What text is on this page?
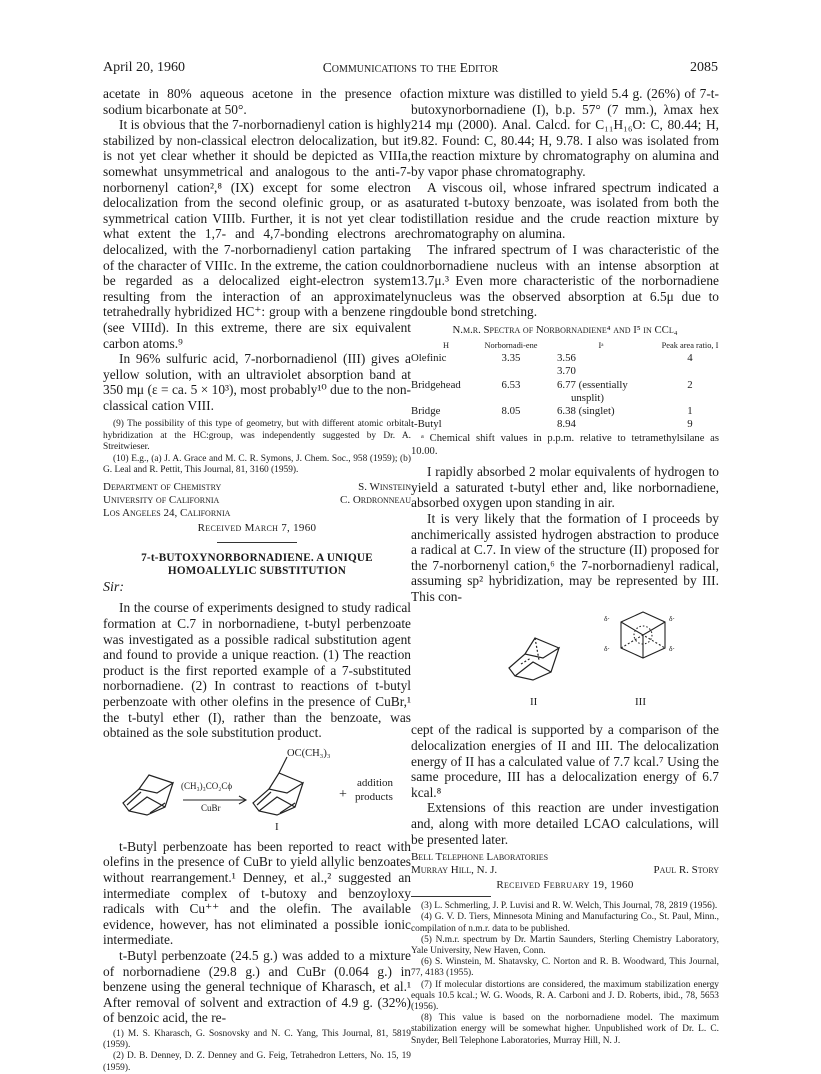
April 20, 1960	Communications to the Editor	2085

acetate in 80% aqueous acetone in the presence of sodium bicarbonate at 50°.

It is obvious that the 7-norbornadienyl cation is highly stabilized by non-classical electron delocalization, but it is not yet clear whether it should be depicted as VIIIa, somewhat unsymmetrical and analogous to the anti-7-norbornenyl cation²,⁸ (IX) except for some electron delocalization from the second olefinic group, or as a symmetrical cation VIIIb. Further, it is not yet clear to what extent the 1,7- and 4,7-bonding electrons are delocalized, with the 7-norbornadienyl cation partaking of the character of VIIIc. In the extreme, the cation could be regarded as a delocalized eight-electron system resulting from the interaction of an approximately tetrahedrally hybridized HC⁺: group with a benzene ring (see VIIId). In this extreme, there are six equivalent carbon atoms.⁹

In 96% sulfuric acid, 7-norbornadienol (III) gives a yellow solution, with an ultraviolet absorption band at 350 mμ (ε = ca. 5 × 10³), most probably¹⁰ due to the non-classical cation VIII.

(9) The possibility of this type of geometry, but with different atomic orbital hybridization at the HC:group, was independently suggested by Dr. A. Streitwieser.

(10) E.g., (a) J. A. Grace and M. C. R. Symons, J. Chem. Soc., 958 (1959); (b) G. Leal and R. Pettit, This Journal, 81, 3160 (1959).

Department of Chemistry	S. Winstein
University of California	C. Ordronneau
Los Angeles 24, California
Received March 7, 1960
7-t-BUTOXYNORBORNADIENE. A UNIQUE
HOMOALLYLIC SUBSTITUTION
Sir:

In the course of experiments designed to study radical formation at C.7 in norbornadiene, t-butyl perbenzoate was investigated as a possible radical substitution agent and found to provide a unique reaction. (1) The reaction product is the first reported example of a 7-substituted norbornadiene. (2) In contrast to reactions of t-butyl perbenzoate with other olefins in the presence of CuBr,¹ the t-butyl ether (I), rather than the benzoate, was obtained as the sole substitution product.

(CH₃)₃CO₂Cϕ
CuBr
OC(CH₃)₃
+
addition
products
I

t-Butyl perbenzoate has been reported to react with olefins in the presence of CuBr to yield allylic benzoates without rearrangement.¹ Denney, et al.,² suggested an intermediate complex of t-butoxy and benzoyloxy radicals with Cu⁺⁺ and the olefin. The available evidence, however, has not eliminated a possible ionic intermediate.

t-Butyl perbenzoate (24.5 g.) was added to a mixture of norbornadiene (29.8 g.) and CuBr (0.064 g.) in benzene using the general technique of Kharasch, et al.¹ After removal of solvent and extraction of 4.9 g. (32%) of benzoic acid, the re-

(1) M. S. Kharasch, G. Sosnovsky and N. C. Yang, This Journal, 81, 5819 (1959).

(2) D. B. Denney, D. Z. Denney and G. Feig, Tetrahedron Letters, No. 15, 19 (1959).

action mixture was distilled to yield 5.4 g. (26%) of 7-t-butoxynorbornadiene (I), b.p. 57° (7 mm.), λmax hex 214 mμ (2000). Anal. Calcd. for C₁₁H₁₆O: C, 80.44; H, 9.82. Found: C, 80.44; H, 9.78. I also was isolated from the reaction mixture by chromatography on alumina and by vapor phase chromatography.

A viscous oil, whose infrared spectrum indicated a saturated t-butoxy benzoate, was isolated from both the distillation residue and the crude reaction mixture by chromatography on alumina.

The infrared spectrum of I was characteristic of the norbornadiene nucleus with an intense absorption at 13.7μ.³ Even more characteristic of the norbornadiene nucleus was the observed absorption at 6.5μ due to double bond stretching.

N.m.r. Spectra of Norbornadiene⁴ and I⁵ in CCl₄
H	Norbornadi-ene	Iᵃ	Peak area ratio, I
Olefinic	3.35	3.56	4
		3.70	
Bridgehead	6.53	6.77 (essentially	2
		unsplit)	
Bridge	8.05	6.38 (singlet)	1
t-Butyl		8.94	9

ᵃ Chemical shift values in p.p.m. relative to tetramethylsilane as 10.00.

I rapidly absorbed 2 molar equivalents of hydrogen to yield a saturated t-butyl ether and, like norbornadiene, absorbed oxygen upon standing in air.

It is very likely that the formation of I proceeds by anchimerically assisted hydrogen abstraction to produce a radical at C.7. In view of the structure (II) proposed for the 7-norbornenyl cation,⁶ the 7-norbornadienyl radical, assuming sp² hybridization, may be represented by III. This con-

δ·	δ·
δ·	δ·
II	III

cept of the radical is supported by a comparison of the delocalization energies of II and III. The delocalization energy of II has a calculated value of 7.7 kcal.⁷ Using the same procedure, III has a delocalization energy of 6.7 kcal.⁸

Extensions of this reaction are under investigation and, along with more detailed LCAO calculations, will be presented later.

Bell Telephone Laboratories
Murray Hill, N. J.	Paul R. Story
Received February 19, 1960

(3) L. Schmerling, J. P. Luvisi and R. W. Welch, This Journal, 78, 2819 (1956).

(4) G. V. D. Tiers, Minnesota Mining and Manufacturing Co., St. Paul, Minn., compilation of n.m.r. data to be published.

(5) N.m.r. spectrum by Dr. Martin Saunders, Sterling Chemistry Laboratory, Yale University, New Haven, Conn.

(6) S. Winstein, M. Shatavsky, C. Norton and R. B. Woodward, This Journal, 77, 4183 (1955).

(7) If molecular distortions are considered, the maximum stabilization energy equals 10.5 kcal.; W. G. Woods, R. A. Carboni and J. D. Roberts, ibid., 78, 5653 (1956).

(8) This value is based on the norbornadiene model. The maximum stabilization energy will be somewhat higher. Unpublished work of Dr. L. C. Snyder, Bell Telephone Laboratories, Murray Hill, N. J.
